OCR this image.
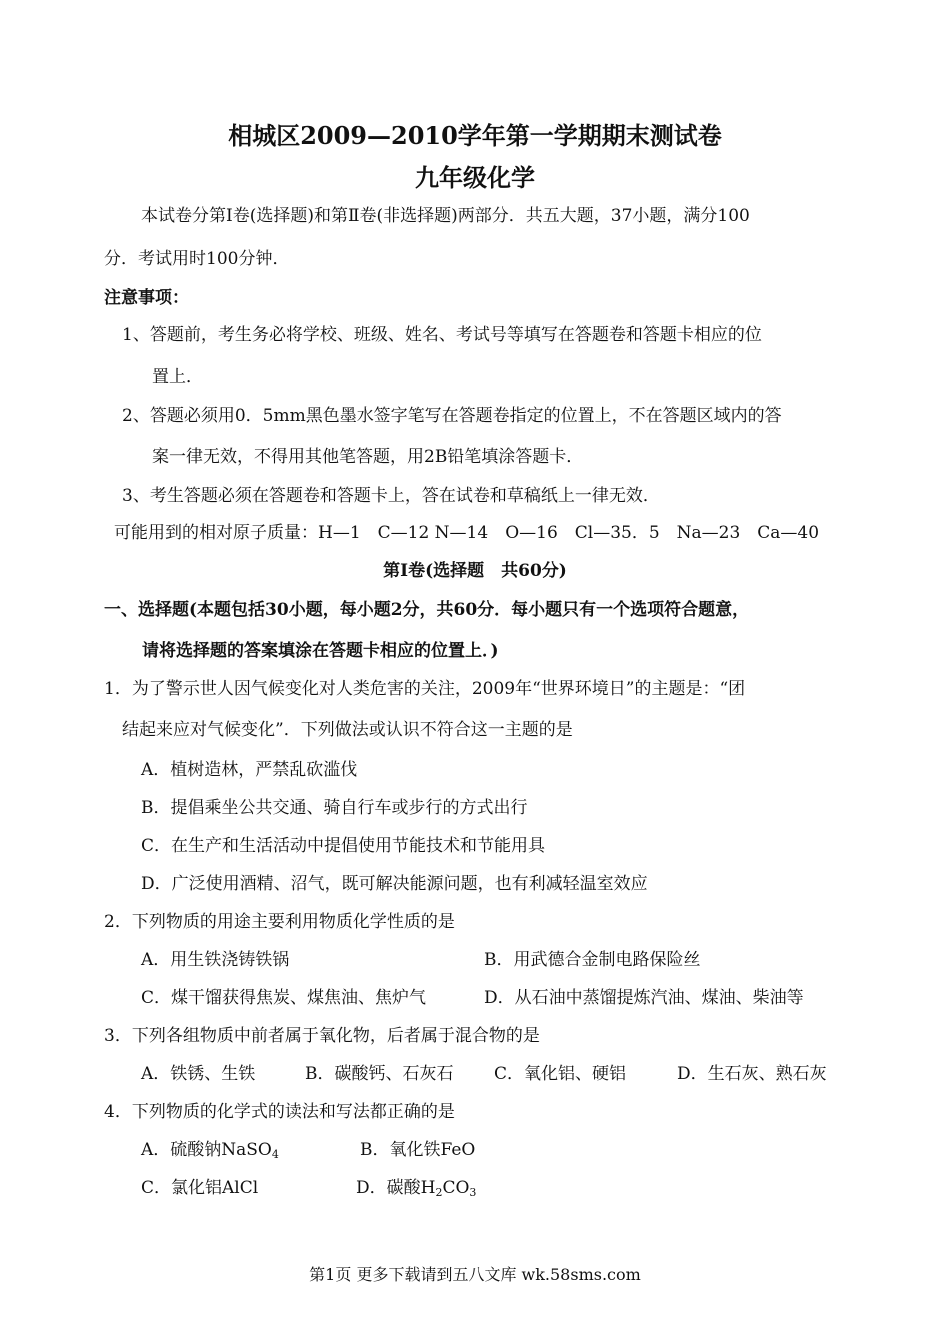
相城区2009—2010学年第一学期期末测试卷
九年级化学
本试卷分第Ⅰ卷(选择题)和第Ⅱ卷(非选择题)两部分．共五大题，37小题，满分100
分．考试用时100分钟．
注意事项：
1、答题前，考生务必将学校、班级、姓名、考试号等填写在答题卷和答题卡相应的位
置上．
2、答题必须用0．5mm黑色墨水签字笔写在答题卷指定的位置上，不在答题区域内的答
案一律无效，不得用其他笔答题，用2B铅笔填涂答题卡．
3、考生答题必须在答题卷和答题卡上，答在试卷和草稿纸上一律无效．
可能用到的相对原子质量：H—1　C—12 N—14　O—16　Cl—35．5　Na—23　Ca—40
第Ⅰ卷(选择题　共60分)
一、选择题(本题包括30小题，每小题2分，共60分．每小题只有一个选项符合题意，
请将选择题的答案填涂在答题卡相应的位置上．)
1．为了警示世人因气候变化对人类危害的关注，2009年“世界环境日”的主题是：“团
结起来应对气候变化”．下列做法或认识不符合这一主题的是
A．植树造林，严禁乱砍滥伐
B．提倡乘坐公共交通、骑自行车或步行的方式出行
C．在生产和生活活动中提倡使用节能技术和节能用具
D．广泛使用酒精、沼气，既可解决能源问题，也有利减轻温室效应
2．下列物质的用途主要利用物质化学性质的是
A．用生铁浇铸铁锅	B．用武德合金制电路保险丝
C．煤干馏获得焦炭、煤焦油、焦炉气	D．从石油中蒸馏提炼汽油、煤油、柴油等
3．下列各组物质中前者属于氧化物，后者属于混合物的是
A．铁锈、生铁	B．碳酸钙、石灰石 C．氧化铝、硬铝	D．生石灰、熟石灰
4．下列物质的化学式的读法和写法都正确的是
A．硫酸钠NaSO$_4$	B．氧化铁FeO
C．氯化铝AlCl	D．碳酸$H_2CO_3$
第1页 更多下载请到五八文库 wk.58sms.com
